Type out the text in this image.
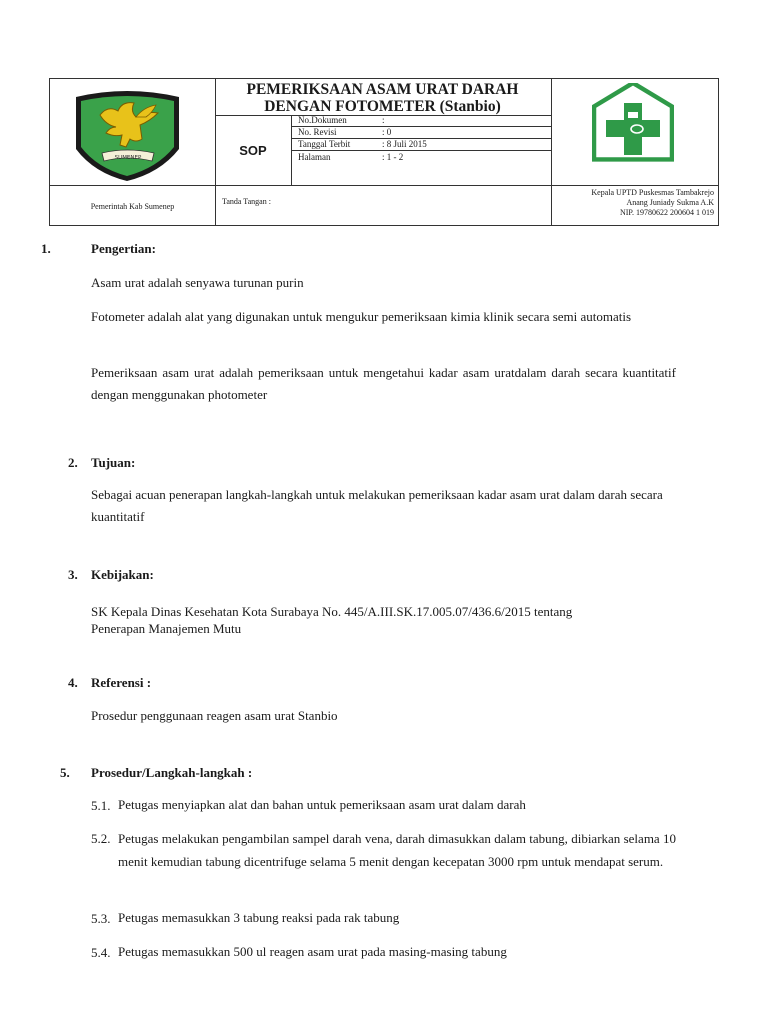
SUMENEP
PEMERIKSAAN ASAM URAT DARAH
DENGAN FOTOMETER (Stanbio)
SOP
No.Dokumen	:
No. Revisi	: 0
Tanggal Terbit	: 8 Juli 2015
Halaman	: 1 - 2
Pemerintah Kab Sumenep	Tanda Tangan :
Kepala UPTD Puskesmas Tambakrejo
Anang Juniady Sukma A.K
NIP. 19780622 200604 1 019
1.	Pengertian:
Asam urat adalah senyawa turunan purin
Fotometer adalah alat yang digunakan untuk mengukur pemeriksaan kimia klinik secara semi automatis
Pemeriksaan asam urat adalah pemeriksaan untuk mengetahui kadar asam uratdalam darah secara kuantitatif dengan menggunakan photometer
2. Tujuan:
Sebagai acuan penerapan langkah-langkah untuk melakukan pemeriksaan kadar asam urat dalam darah secara kuantitatif
3. Kebijakan:
SK Kepala Dinas Kesehatan Kota Surabaya No. 445/A.III.SK.17.005.07/436.6/2015 tentang
Penerapan Manajemen Mutu
4. Referensi :
Prosedur penggunaan reagen asam urat Stanbio
5. Prosedur/Langkah-langkah :
5.1. Petugas menyiapkan alat dan bahan untuk pemeriksaan asam urat dalam darah
5.2. Petugas melakukan pengambilan sampel darah vena, darah dimasukkan dalam tabung, dibiarkan selama 10 menit kemudian tabung dicentrifuge selama 5 menit dengan kecepatan 3000 rpm untuk mendapat serum.
5.3. Petugas memasukkan 3 tabung reaksi pada rak tabung
5.4. Petugas memasukkan 500 ul reagen asam urat pada masing-masing tabung
